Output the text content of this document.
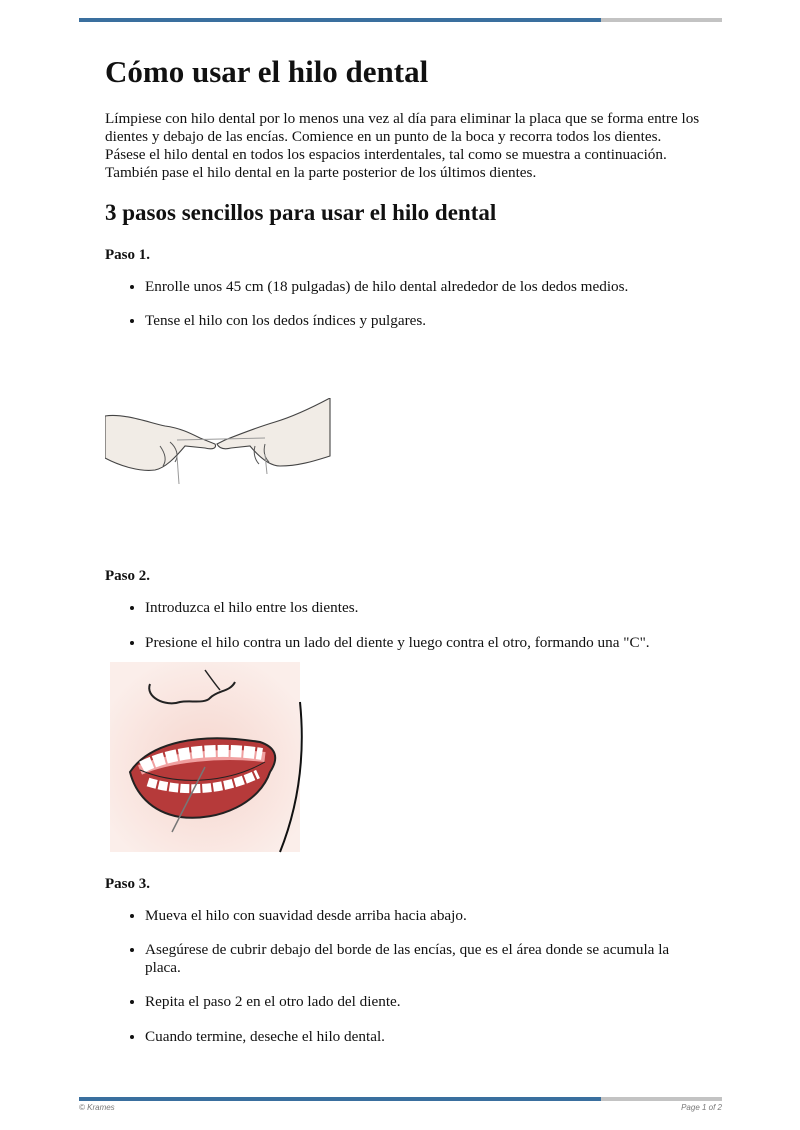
Cómo usar el hilo dental

Límpiese con hilo dental por lo menos una vez al día para eliminar la placa que se forma entre los dientes y debajo de las encías. Comience en un punto de la boca y recorra todos los dientes. Pásese el hilo dental en todos los espacios interdentales, tal como se muestra a continuación. También pase el hilo dental en la parte posterior de los últimos dientes.

3 pasos sencillos para usar el hilo dental
Paso 1.
• Enrolle unos 45 cm (18 pulgadas) de hilo dental alrededor de los dedos medios.
• Tense el hilo con los dedos índices y pulgares.
Paso 2.
• Introduzca el hilo entre los dientes.
• Presione el hilo contra un lado del diente y luego contra el otro, formando una "C".
Paso 3.
• Mueva el hilo con suavidad desde arriba hacia abajo.
• Asegúrese de cubrir debajo del borde de las encías, que es el área donde se acumula la placa.
• Repita el paso 2 en el otro lado del diente.
• Cuando termine, deseche el hilo dental.
© Krames	Page 1 of 2
